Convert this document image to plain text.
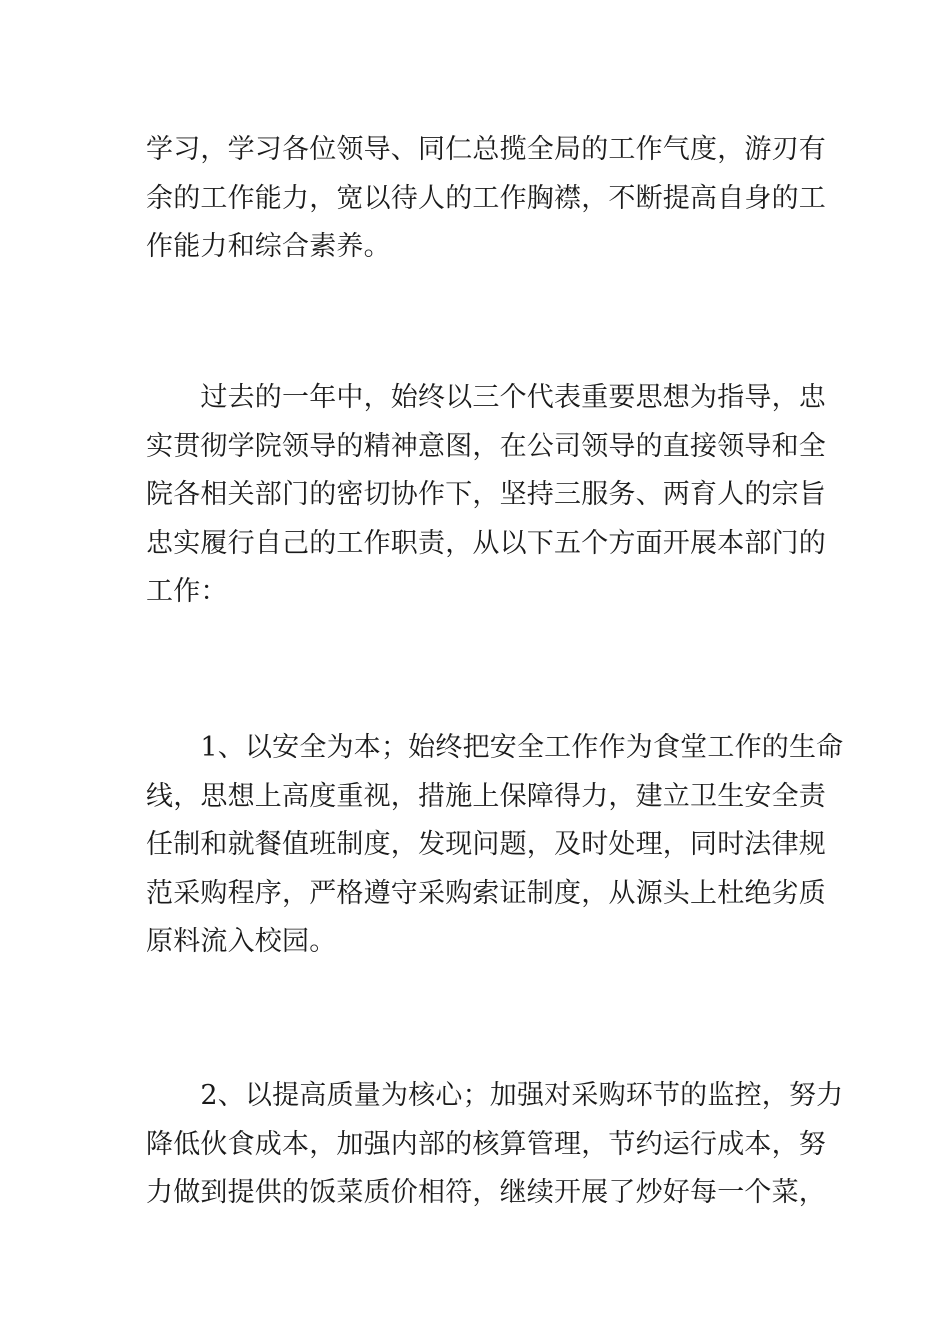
学习，学习各位领导、同仁总揽全局的工作气度，游刃有
余的工作能力，宽以待人的工作胸襟，不断提高自身的工
作能力和综合素养。

　　过去的一年中，始终以三个代表重要思想为指导，忠
实贯彻学院领导的精神意图，在公司领导的直接领导和全
院各相关部门的密切协作下，坚持三服务、两育人的宗旨
忠实履行自己的工作职责，从以下五个方面开展本部门的
工作：

　　1、以安全为本；始终把安全工作作为食堂工作的生命
线，思想上高度重视，措施上保障得力，建立卫生安全责
任制和就餐值班制度，发现问题，及时处理，同时法律规
范采购程序，严格遵守采购索证制度，从源头上杜绝劣质
原料流入校园。

　　2、以提高质量为核心；加强对采购环节的监控，努力
降低伙食成本，加强内部的核算管理，节约运行成本，努
力做到提供的饭菜质价相符，继续开展了炒好每一个菜，
